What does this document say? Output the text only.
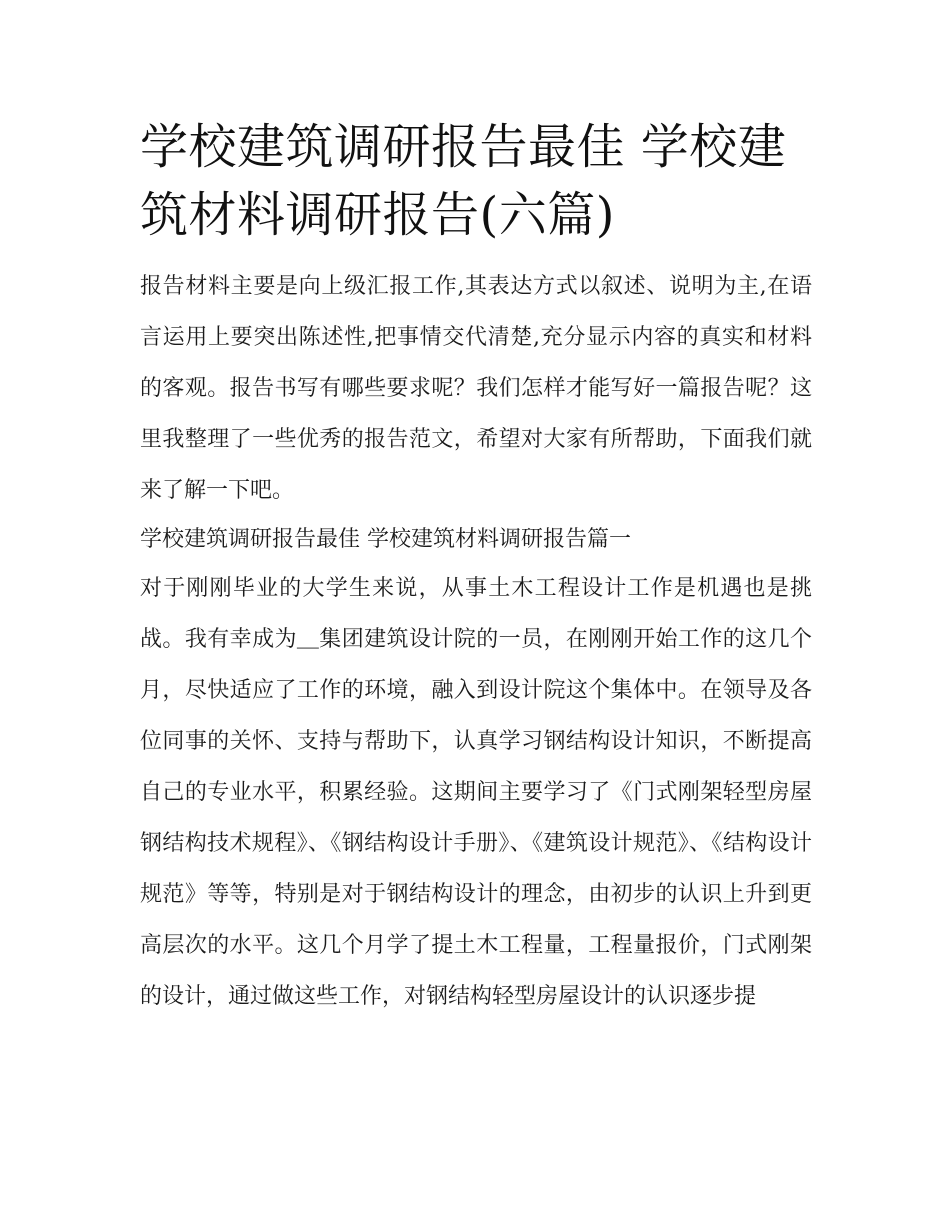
学校建筑调研报告最佳 学校建筑材料调研报告(六篇)

报告材料主要是向上级汇报工作,其表达方式以叙述、说明为主,在语言运用上要突出陈述性,把事情交代清楚,充分显示内容的真实和材料的客观。报告书写有哪些要求呢？我们怎样才能写好一篇报告呢？这里我整理了一些优秀的报告范文，希望对大家有所帮助，下面我们就来了解一下吧。

学校建筑调研报告最佳 学校建筑材料调研报告篇一

对于刚刚毕业的大学生来说，从事土木工程设计工作是机遇也是挑战。我有幸成为＿集团建筑设计院的一员，在刚刚开始工作的这几个月，尽快适应了工作的环境，融入到设计院这个集体中。在领导及各位同事的关怀、支持与帮助下，认真学习钢结构设计知识，不断提高自己的专业水平，积累经验。这期间主要学习了《门式刚架轻型房屋钢结构技术规程》、《钢结构设计手册》、《建筑设计规范》、《结构设计规范》等等，特别是对于钢结构设计的理念，由初步的认识上升到更高层次的水平。这几个月学了提土木工程量，工程量报价，门式刚架的设计，通过做这些工作，对钢结构轻型房屋设计的认识逐步提
